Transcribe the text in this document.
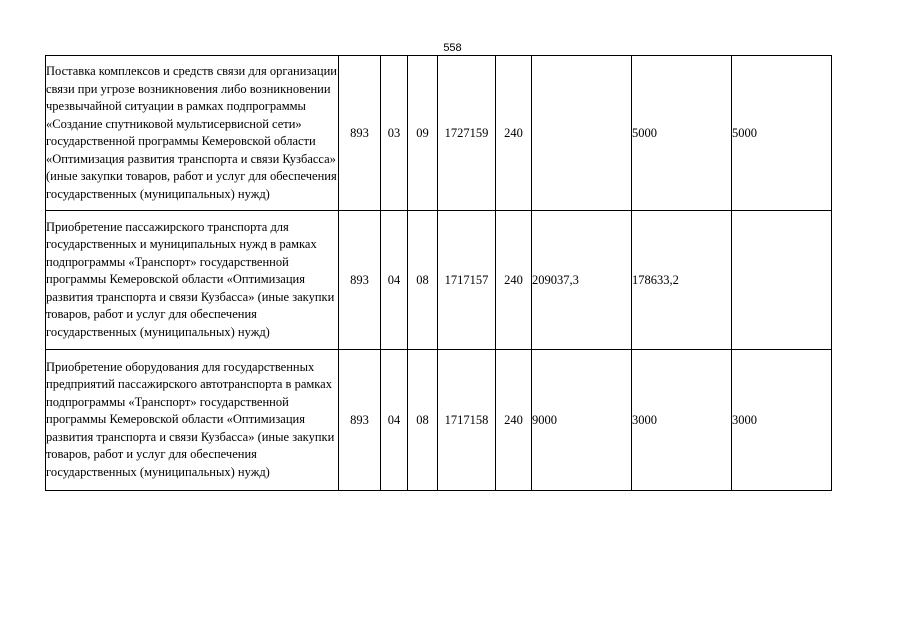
558
Поставка комплексов и средств связи для организации связи при угрозе возникновения либо возникновении чрезвычайной ситуации в рамках подпрограммы «Создание спутниковой мультисервисной сети» государственной программы Кемеровской области «Оптимизация развития транспорта и связи Кузбасса» (иные закупки товаров, работ и услуг для обеспечения государственных (муниципальных) нужд)	893	03	09	1727159	240		5000	5000
Приобретение пассажирского транспорта для государственных и муниципальных нужд в рамках подпрограммы «Транспорт» государственной программы Кемеровской области «Оптимизация развития транспорта и связи Кузбасса» (иные закупки товаров, работ и услуг для обеспечения государственных (муниципальных) нужд)	893	04	08	1717157	240	209037,3	178633,2	
Приобретение оборудования для государственных предприятий пассажирского автотранспорта в рамках подпрограммы «Транспорт» государственной программы Кемеровской области «Оптимизация развития транспорта и связи Кузбасса» (иные закупки товаров, работ и услуг для обеспечения государственных (муниципальных) нужд)	893	04	08	1717158	240	9000	3000	3000
